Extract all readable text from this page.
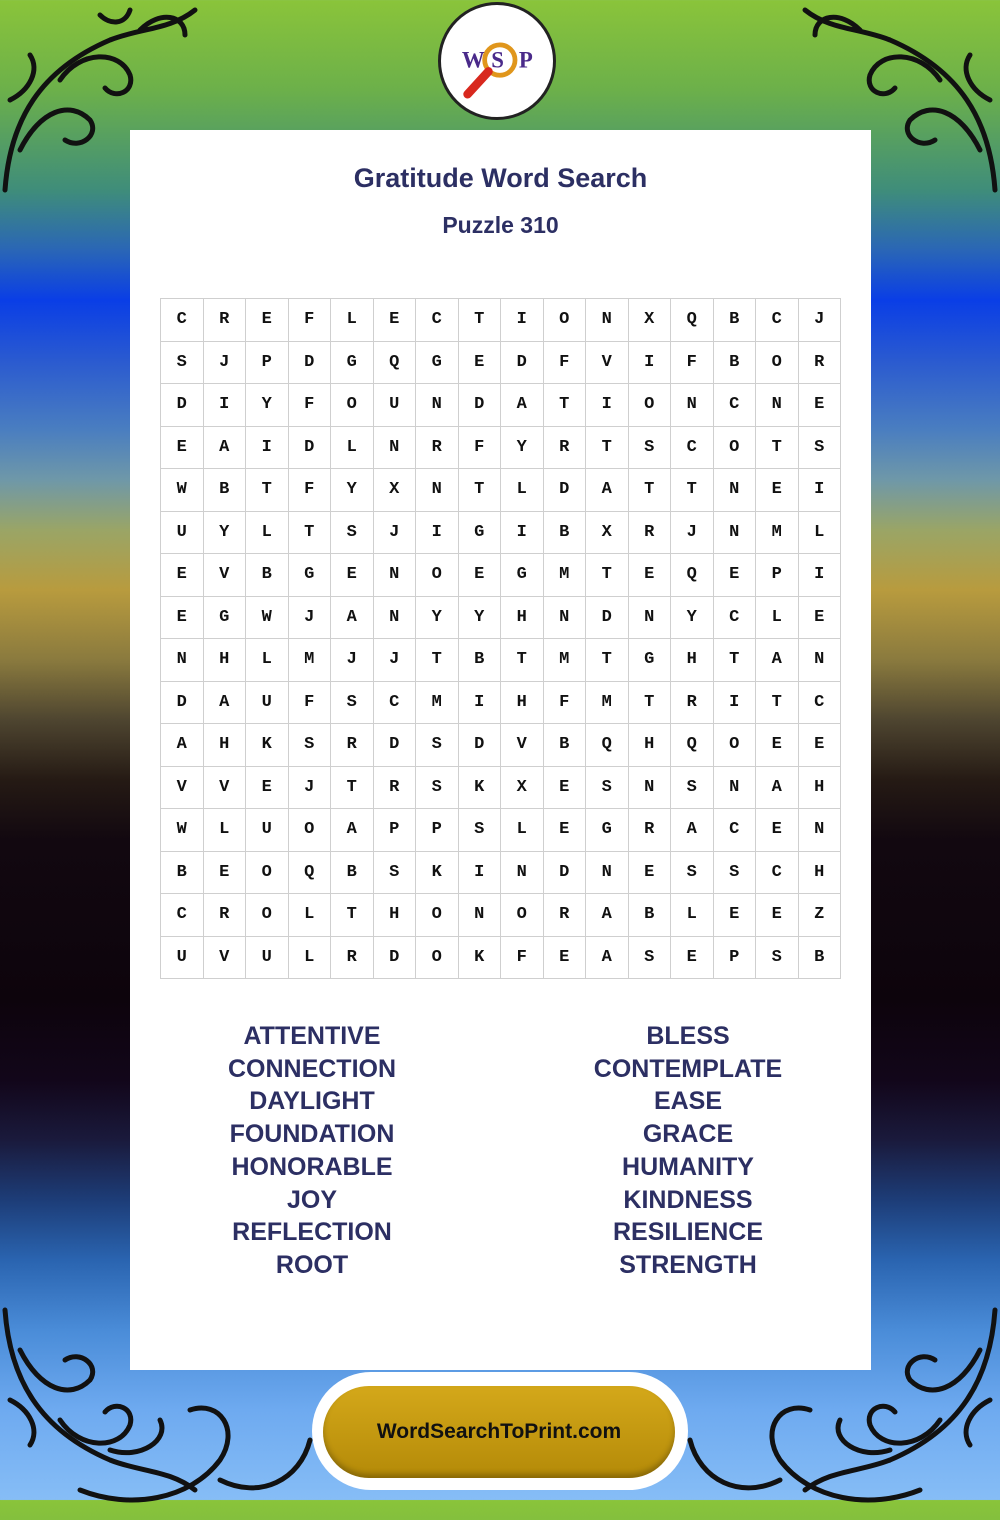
W S P
Gratitude Word Search
Puzzle 310
C	R	E	F	L	E	C	T	I	O	N	X	Q	B	C	J
S	J	P	D	G	Q	G	E	D	F	V	I	F	B	O	R
D	I	Y	F	O	U	N	D	A	T	I	O	N	C	N	E
E	A	I	D	L	N	R	F	Y	R	T	S	C	O	T	S
W	B	T	F	Y	X	N	T	L	D	A	T	T	N	E	I
U	Y	L	T	S	J	I	G	I	B	X	R	J	N	M	L
E	V	B	G	E	N	O	E	G	M	T	E	Q	E	P	I
E	G	W	J	A	N	Y	Y	H	N	D	N	Y	C	L	E
N	H	L	M	J	J	T	B	T	M	T	G	H	T	A	N
D	A	U	F	S	C	M	I	H	F	M	T	R	I	T	C
A	H	K	S	R	D	S	D	V	B	Q	H	Q	O	E	E
V	V	E	J	T	R	S	K	X	E	S	N	S	N	A	H
W	L	U	O	A	P	P	S	L	E	G	R	A	C	E	N
B	E	O	Q	B	S	K	I	N	D	N	E	S	S	C	H
C	R	O	L	T	H	O	N	O	R	A	B	L	E	E	Z
U	V	U	L	R	D	O	K	F	E	A	S	E	P	S	B
ATTENTIVE
CONNECTION
DAYLIGHT
FOUNDATION
HONORABLE
JOY
REFLECTION
ROOT
BLESS
CONTEMPLATE
EASE
GRACE
HUMANITY
KINDNESS
RESILIENCE
STRENGTH
WordSearchToPrint.com
